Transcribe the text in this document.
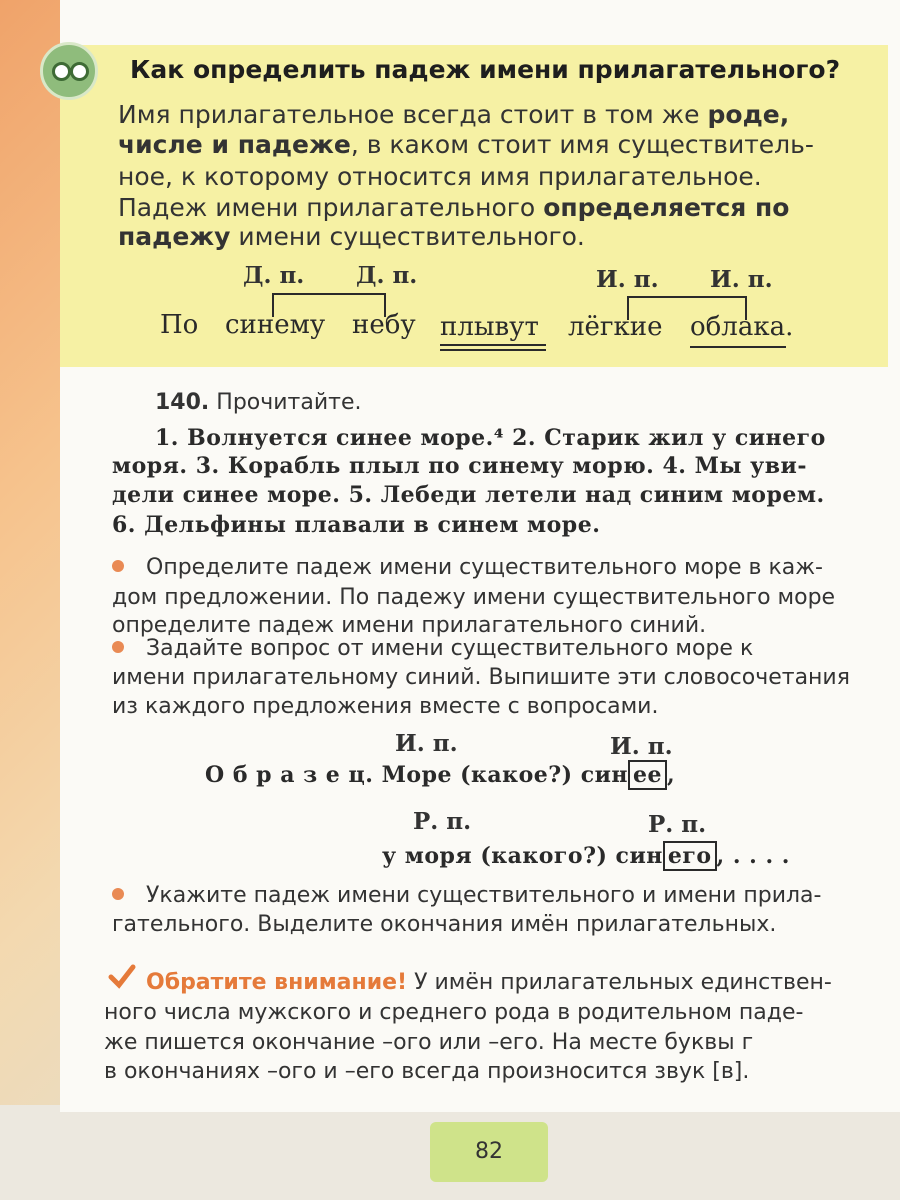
Как определить падеж имени прилагательного?
Имя прилагательное всегда стоит в том же роде,
числе и падеже, в каком стоит имя существитель-
ное, к которому относится имя прилагательное.
Падеж имени прилагательного определяется по
падежу имени существительного.
Д. п. Д. п.	И. п. И. п.
По синему небу плывут лёгкие облака.
140. Прочитайте.
1. Волнуется синее море.⁴ 2. Старик жил у синего
моря. 3. Корабль плыл по синему морю. 4. Мы уви-
дели синее море. 5. Лебеди летели над синим морем.
6. Дельфины плавали в синем море.
Определите падеж имени существительного море в каж-
дом предложении. По падежу имени существительного море
определите падеж имени прилагательного синий.
Задайте вопрос от имени существительного море к
имени прилагательному синий. Выпишите эти словосочетания
из каждого предложения вместе с вопросами.
И. п.	И. п.
О б р а з е ц. Море (какое?) син ее ,
Р. п.	Р. п.
у моря (какого?) син его , . . . .
Укажите падеж имени существительного и имени прила-
гательного. Выделите окончания имён прилагательных.
Обратите внимание! У имён прилагательных единствен-
ного числа мужского и среднего рода в родительном паде-
же пишется окончание –ого или –его. На месте буквы г
в окончаниях –ого и –его всегда произносится звук [в].
82
